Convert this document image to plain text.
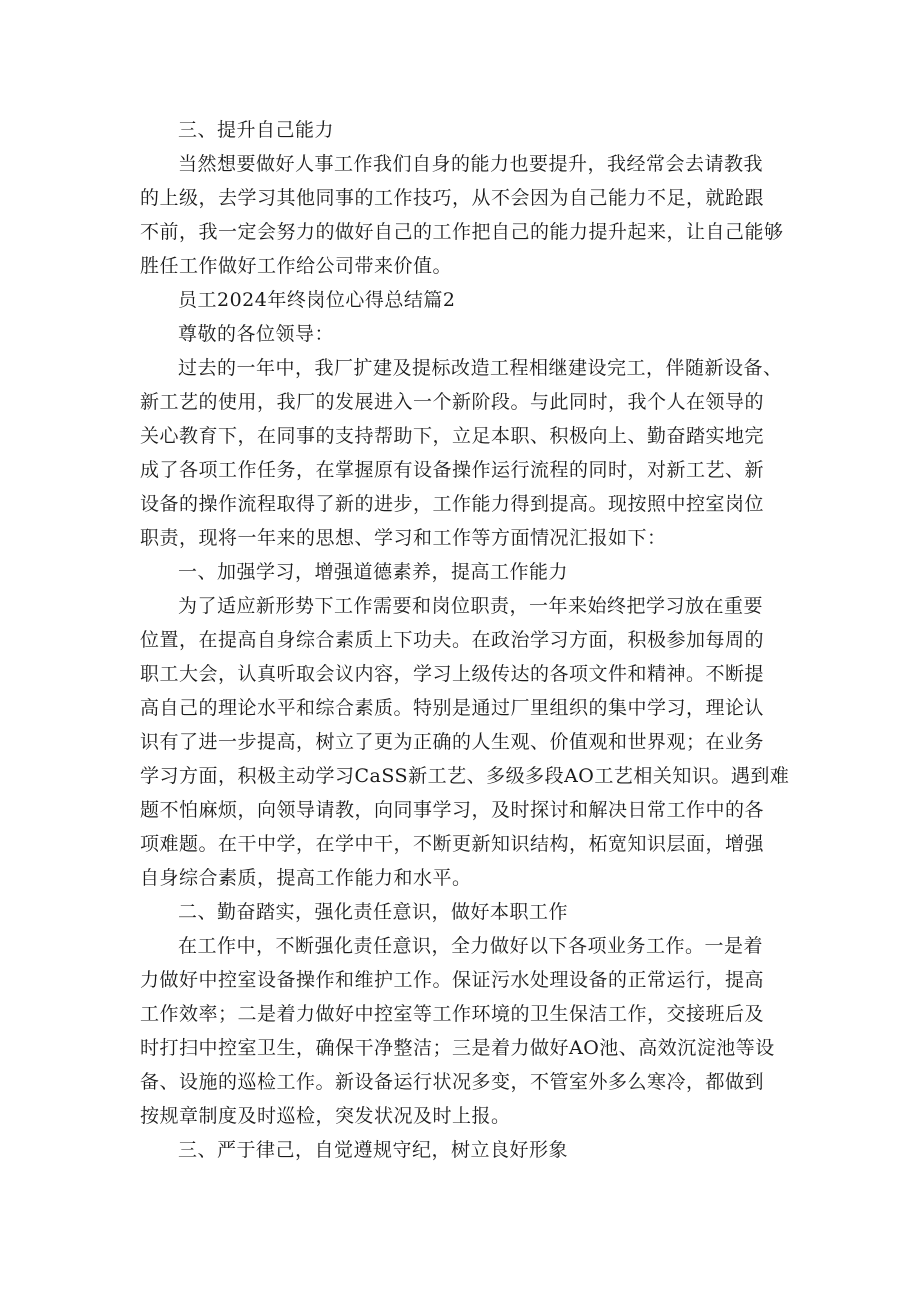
三、提升自己能力
当然想要做好人事工作我们自身的能力也要提升，我经常会去请教我
的上级，去学习其他同事的工作技巧，从不会因为自己能力不足，就跄跟
不前，我一定会努力的做好自己的工作把自己的能力提升起来，让自己能够
胜任工作做好工作给公司带来价值。
员工2024年终岗位心得总结篇2
尊敬的各位领导：
过去的一年中，我厂扩建及提标改造工程相继建设完工，伴随新设备、
新工艺的使用，我厂的发展进入一个新阶段。与此同时，我个人在领导的
关心教育下，在同事的支持帮助下，立足本职、积极向上、勤奋踏实地完
成了各项工作任务，在掌握原有设备操作运行流程的同时，对新工艺、新
设备的操作流程取得了新的进步，工作能力得到提高。现按照中控室岗位
职责，现将一年来的思想、学习和工作等方面情况汇报如下：
一、加强学习，增强道德素养，提高工作能力
为了适应新形势下工作需要和岗位职责，一年来始终把学习放在重要
位置，在提高自身综合素质上下功夫。在政治学习方面，积极参加每周的
职工大会，认真听取会议内容，学习上级传达的各项文件和精神。不断提
高自己的理论水平和综合素质。特别是通过厂里组织的集中学习，理论认
识有了进一步提高，树立了更为正确的人生观、价值观和世界观；在业务
学习方面，积极主动学习CaSS新工艺、多级多段AO工艺相关知识。遇到难
题不怕麻烦，向领导请教，向同事学习，及时探讨和解决日常工作中的各
项难题。在干中学，在学中干，不断更新知识结构，柘宽知识层面，增强
自身综合素质，提高工作能力和水平。
二、勤奋踏实，强化责任意识，做好本职工作
在工作中，不断强化责任意识，全力做好以下各项业务工作。一是着
力做好中控室设备操作和维护工作。保证污水处理设备的正常运行，提高
工作效率；二是着力做好中控室等工作环境的卫生保洁工作，交接班后及
时打扫中控室卫生，确保干净整洁；三是着力做好AO池、高效沉淀池等设
备、设施的巡检工作。新设备运行状况多变，不管室外多么寒冷，都做到
按规章制度及时巡检，突发状况及时上报。
三、严于律己，自觉遵规守纪，树立良好形象
